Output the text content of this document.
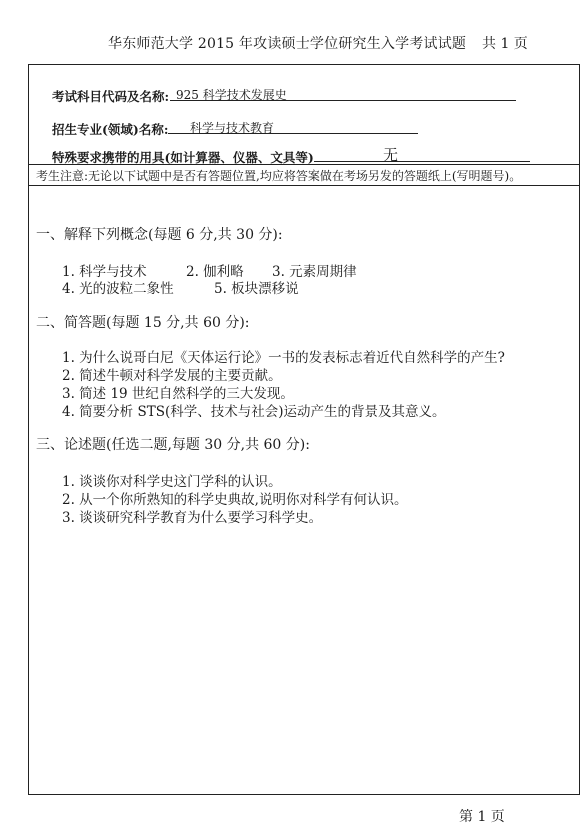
华东师范大学 2015 年攻读硕士学位研究生入学考试试题 共 1 页
考试科目代码及名称: 925 科学技术发展史
招生专业(领域)名称: 科学与技术教育
特殊要求携带的用具(如计算器、仪器、文具等)	无
考生注意:无论以下试题中是否有答题位置,均应将答案做在考场另发的答题纸上(写明题号)。
一、解释下列概念(每题 6 分,共 30 分):
1. 科学与技术	2. 伽利略 3. 元素周期律
4. 光的波粒二象性	5. 板块漂移说
二、简答题(每题 15 分,共 60 分):
1. 为什么说哥白尼《天体运行论》一书的发表标志着近代自然科学的产生?
2. 简述牛顿对科学发展的主要贡献。
3. 简述 19 世纪自然科学的三大发现。
4. 简要分析 STS(科学、技术与社会)运动产生的背景及其意义。
三、论述题(任选二题,每题 30 分,共 60 分):
1. 谈谈你对科学史这门学科的认识。
2. 从一个你所熟知的科学史典故,说明你对科学有何认识。
3. 谈谈研究科学教育为什么要学习科学史。
第 1 页
